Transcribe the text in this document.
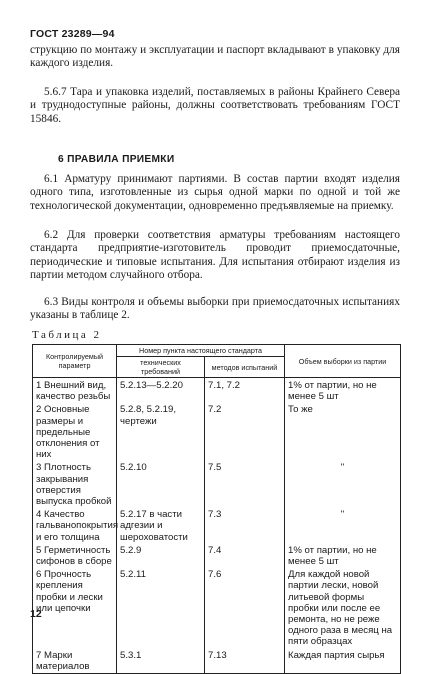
ГОСТ 23289—94
струкцию по монтажу и эксплуатации и паспорт вкладывают в упаковку для каждого изделия.
5.6.7 Тара и упаковка изделий, поставляемых в районы Крайнего Севера и труднодоступные районы, должны соответствовать требованиям ГОСТ 15846.
6 ПРАВИЛА ПРИЕМКИ
6.1 Арматуру принимают партиями. В состав партии входят изделия одного типа, изготовленные из сырья одной марки по одной и той же технологической документации, одновременно предъявляемые на приемку.
6.2 Для проверки соответствия арматуры требованиям настоящего стандарта предприятие-изготовитель проводит приемосдаточные, периодические и типовые испытания. Для испытания отбирают изделия из партии методом случайного отбора.
6.3 Виды контроля и объемы выборки при приемосдаточных испытаниях указаны в таблице 2.
Таблица 2
Контролируемый параметр	Номер пункта настоящего стандарта		Объем выборки из партии
	технических требований	методов испытаний	
1 Внешний вид, качество резьбы	5.2.13—5.2.20	7.1, 7.2	1% от партии, но не менее 5 шт
2 Основные размеры и предельные отклонения от них	5.2.8, 5.2.19, чертежи	7.2	То же
3 Плотность закрывания отверстия выпуска пробкой	5.2.10	7.5	"
4 Качество гальванопокрытия и его толщина	5.2.17 в части адгезии и шероховатости	7.3	"
5 Герметичность сифонов в сборе	5.2.9	7.4	1% от партии, но не менее 5 шт
6 Прочность крепления пробки и лески или цепочки	5.2.11	7.6	Для каждой новой партии лески, новой литьевой формы пробки или после ее ремонта, но не реже одного раза в месяц на пяти образцах
7 Марки материалов	5.3.1	7.13	Каждая партия сырья
12
